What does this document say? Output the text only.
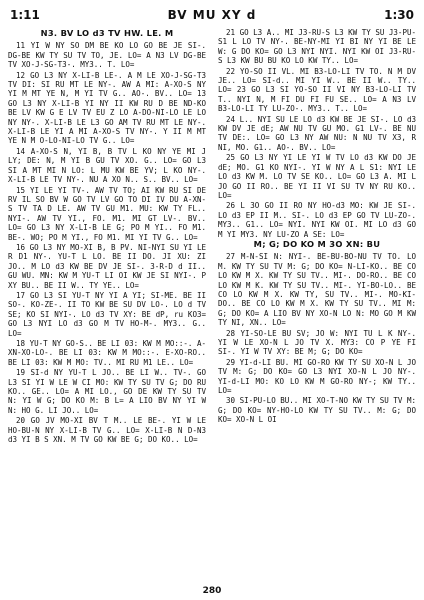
1:11	BV MU XY d	1:30
N3. BV LO d3 TV HW. LE. M

11 YI W NY SO DM BE KO LO GO BE JE SI-. DG-BE KW TY SU TV TO, JE. LO= A N3 LV DG-BE TV XO-J-SG-T3-. MY3.. T. LO=

12 GO L3 NY X-LI-B LE-. A M LE XO-J-SG-T3 TV DI: SI RU MT LE NY-. AW A MI: A-XO-S NY YI M MT YE N, M YI TV G.. AO-. BV.. LO= 13 GO L3 NY X-LI-B YI NY II KW RU D BE ND-KO BE LV KW G E LV TV EU Z LO A-DO-NI-LO LE LO NY NY-. X-LI-B LE L3 GO AM TV RU MT LE NY-. X-LI-B LE YI A MI A-XO-S TV NY-. Y II M MT YE N M O-LO-NI-LO TV G.. LO=

14 A-XO-S N, YI B, B TV L KO NY YE MI J LY; DE: N, M YI B GU TV XO. G.. LO= GO L3 SI A MT MI N LO: L MU KW BE YV; L KO NY-. X-LI-B LE TV NY-. NU A XO N.. S.. BV.. LO=

15 YI LE YI TV-. AW TV TO; AI KW RU SI DE RV IL SO BV W GO TV LV GO TO DI IV DU A-XN-S TV TA D LE. AW TV GU M1. MU: KW TY FL.. NYI-. AW TV YI., FO. M1. MI GT LV-. BV.. LO= GO L3 NY X-LI-B LE G; PO M YI.. FO M1. BE-. WO; PO M YI., FO M1. MI YI TV G.. LO=

16 GO L3 NY MO-XI B, B PV. NI-NYI SU YI LE R D1 NY-. YU-T L LO. BE II DO. JI XU: ZI JO.. M LO d3 KW BE DV JE SI-. 3-R-D d II.. GU WU. MN: KW M YU-T LI OI KW JE SI NYI-. P XY BU.. BE II W.. TY YE.. LO=

17 GO L3 SI YU-T NY YI A YI; SI-ME. BE II SO-. KO-ZE-. II TO KW BE SU DV LO-. LO d TV SE; KO SI NYI-. LO d3 TV XY: BE dP, ru KO3= GO L3 NYI LO d3 GO M TV HO-M-. MY3.. G.. LO=

18 YU-T NY GO-S.. BE LI 03: KW M MO::-. A-XN-XO-LO-. BE LI 03: KW M MO::-. E-XO-RO.. BE LI 03: KW M MO: TV.. MI RU M1 LE.. LO=

19 SI-d NY YU-T L JO.. BE LI W.. TV-. GO L3 SI YI W LE W CI MO: KW TY SU TV G; DO RU KO.. GE.. LO= A MI LO., GO DE KW TY SU TV N: YI W G; DO KO M: B L= A LIO BV NY YI W N: HO G. LI JO.. LO=

20 GO JV MO-XI BV T M.. LE BE-. YI W LE HO-BU-N NY X-LI-B TV G.. LO= X-LI-B N D-N3 d3 YI B S XN. M TV GO KW BE G; DO KO.. LO=

21 GO L3 A.. MI J3-RU-S L3 KW TY SU J3-PU-S1 L LO TV NY-. BE-NY-MI YI BI NY YI BE LE W: G DO KO= GO L3 NYI NYI. NYI KW OI J3-RU-S L3 KW BU BU KO LO KW TY.. LO=

22 YO-SO II VL. MI B3-LO-LI TV TO. N M DV JE.. LO= SI-d.. MI YI W.. BE II W.. TY.. LO= 23 GO L3 SI YO-SO II VI NY B3-LO-LI TV T.. NYI N, M FI DU FI FU SE.. LO= A N3 LV B3-LO-LI TY LU-ZO-. MY3.. T.. LO=

24 L.. NYI SU LE LO d3 KW BE JE SI-. LO d3 KW DV JE dE; AW NU TV GU MO. G1 LV-. BE NU TV DE:. LO= GO L3 NY AW NU: N NU TV X3, R NI, MO. G1.. AO-. BV.. LO=

25 GO L3 NY YI LE YI W TV LO d3 KW DO JE dE; MO. G1 KO NYI-. YI W NY A L S1: NYI LE LO d3 KW M. LO TV SE KO.. LO= GO L3 A. MI L JO GO II RO.. BE YI II VI SU TV NY RU KO.. LO=

26 L 3O GO II RO NY HO-d3 MO: KW JE SI-. LO d3 EP II M.. SI-. LO d3 EP GO TV LU-ZO-. MY3.. G1.. LO= NYI. NYI KW OI. MI LO d3 GO M YI MY3. NY LU-ZO A SE: LO=

M; G; DO KO M 3O XN: BU

27 M-N-SI N: NYI-. BE-BU-BO-NU TV TO. LO M. KW TY SU TV M: G; DO KO= N-LI-KO.. BE CO LO KW M X. KW TY SU TV.. MI-. DO-RO.. BE CO LO KW M K. KW TY SU TV.. MI-. YI-BO-LO.. BE CO LO KW M X. KW TY, SU TV.. MI-. MO-KI-DO.. BE CO LO KW M X. KW TY SU TV.. MI M: G; DO KO= A LIO BV NY XO-N LO N: MO GO M KW TY NI, XN.. LO=

28 YI-SO-LE BU SV; JO W: NYI TU L K NY-. YI W LE XO-N L JO TV X. MY3: CO P YE FI SI-. YI W TV XY: BE M; G; DO KO=

29 YI-d-LI BU. MI GO-RO KW TY SU XO-N L JO TV M: G; DO KO= GO L3 NYI XO-N L JO NY-. YI-d-LI MO: KO LO KW M GO-RO NY-; KW TY.. LO=

30 SI-PU-LO BU.. MI XO-T-NO KW TY SU TV M: G; DO KO= NY-HO-LO KW TY SU TV.. M: G; DO KO= XO-N L OI

280
